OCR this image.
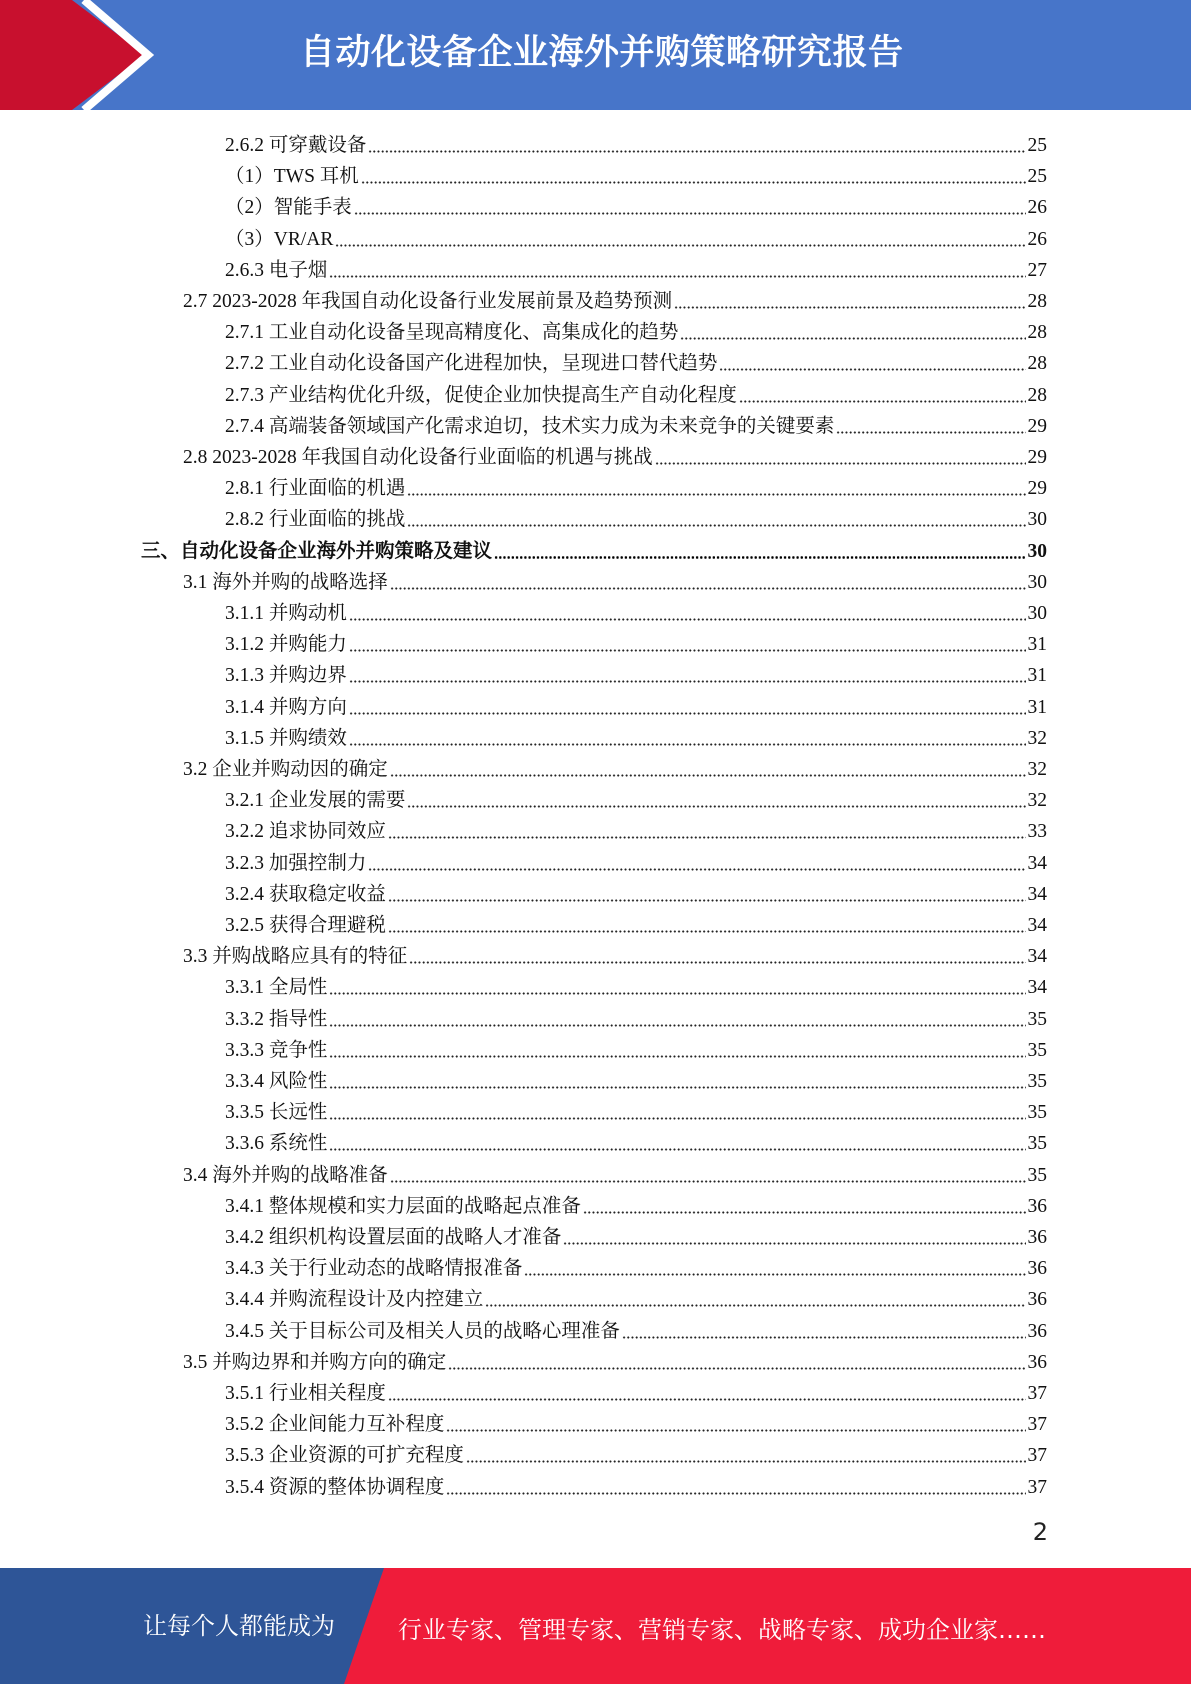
自动化设备企业海外并购策略研究报告
2.6.2 可穿戴设备	25
（1）TWS 耳机	25
（2）智能手表	26
（3）VR/AR	26
2.6.3 电子烟	27
2.7 2023-2028 年我国自动化设备行业发展前景及趋势预测	28
2.7.1 工业自动化设备呈现高精度化、高集成化的趋势	28
2.7.2 工业自动化设备国产化进程加快，呈现进口替代趋势	28
2.7.3 产业结构优化升级，促使企业加快提高生产自动化程度	28
2.7.4 高端装备领域国产化需求迫切，技术实力成为未来竞争的关键要素	29
2.8 2023-2028 年我国自动化设备行业面临的机遇与挑战	29
2.8.1 行业面临的机遇	29
2.8.2 行业面临的挑战	30
三、自动化设备企业海外并购策略及建议	30
3.1 海外并购的战略选择	30
3.1.1 并购动机	30
3.1.2 并购能力	31
3.1.3 并购边界	31
3.1.4 并购方向	31
3.1.5 并购绩效	32
3.2 企业并购动因的确定	32
3.2.1 企业发展的需要	32
3.2.2 追求协同效应	33
3.2.3 加强控制力	34
3.2.4 获取稳定收益	34
3.2.5 获得合理避税	34
3.3 并购战略应具有的特征	34
3.3.1 全局性	34
3.3.2 指导性	35
3.3.3 竞争性	35
3.3.4 风险性	35
3.3.5 长远性	35
3.3.6 系统性	35
3.4 海外并购的战略准备	35
3.4.1 整体规模和实力层面的战略起点准备	36
3.4.2 组织机构设置层面的战略人才准备	36
3.4.3 关于行业动态的战略情报准备	36
3.4.4 并购流程设计及内控建立	36
3.4.5 关于目标公司及相关人员的战略心理准备	36
3.5 并购边界和并购方向的确定	36
3.5.1 行业相关程度	37
3.5.2 企业间能力互补程度	37
3.5.3 企业资源的可扩充程度	37
3.5.4 资源的整体协调程度	37
2
让每个人都能成为	行业专家、管理专家、营销专家、战略专家、成功企业家……
